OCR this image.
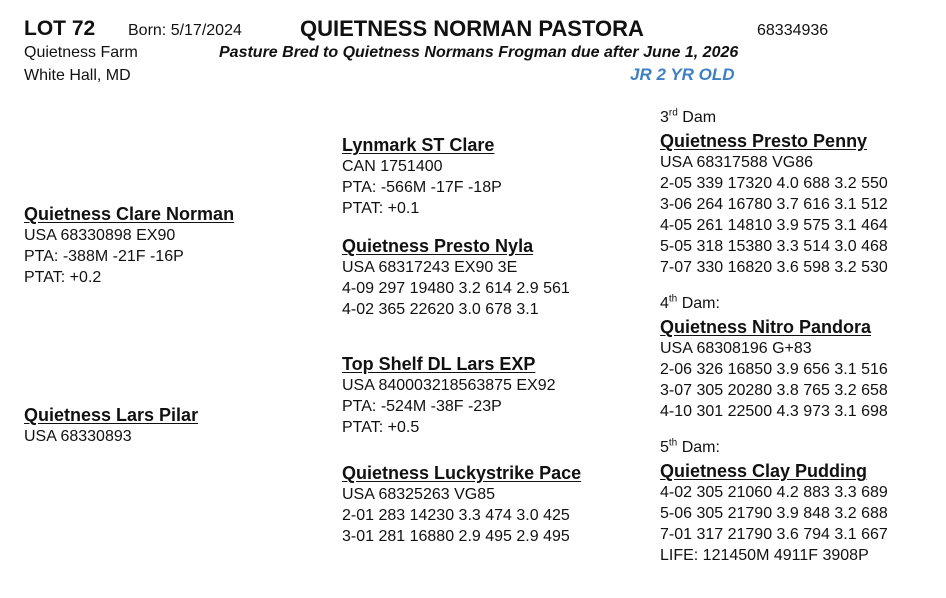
LOT 72 Born: 5/17/2024	QUIETNESS NORMAN PASTORA	68334936
Quietness Farm
White Hall, MD
Pasture Bred to Quietness Normans Frogman due after June 1, 2026
JR 2 YR OLD
Quietness Clare Norman
USA 68330898 EX90
PTA: -388M -21F -16P
PTAT: +0.2
Quietness Lars Pilar
USA 68330893
Lynmark ST Clare
CAN 1751400
PTA: -566M -17F -18P
PTAT: +0.1
Quietness Presto Nyla
USA 68317243 EX90 3E
4-09 297 19480 3.2 614 2.9 561
4-02 365 22620 3.0 678 3.1
Top Shelf DL Lars EXP
USA 840003218563875 EX92
PTA: -524M -38F -23P
PTAT: +0.5
Quietness Luckystrike Pace
USA 68325263 VG85
2-01 283 14230 3.3 474 3.0 425
3-01 281 16880 2.9 495 2.9 495
3rd Dam
Quietness Presto Penny
USA 68317588 VG86
2-05 339 17320 4.0 688 3.2 550
3-06 264 16780 3.7 616 3.1 512
4-05 261 14810 3.9 575 3.1 464
5-05 318 15380 3.3 514 3.0 468
7-07 330 16820 3.6 598 3.2 530
4th Dam:
Quietness Nitro Pandora
USA 68308196 G+83
2-06 326 16850 3.9 656 3.1 516
3-07 305 20280 3.8 765 3.2 658
4-10 301 22500 4.3 973 3.1 698
5th Dam:
Quietness Clay Pudding
4-02 305 21060 4.2 883 3.3 689
5-06 305 21790 3.9 848 3.2 688
7-01 317 21790 3.6 794 3.1 667
LIFE: 121450M 4911F 3908P
